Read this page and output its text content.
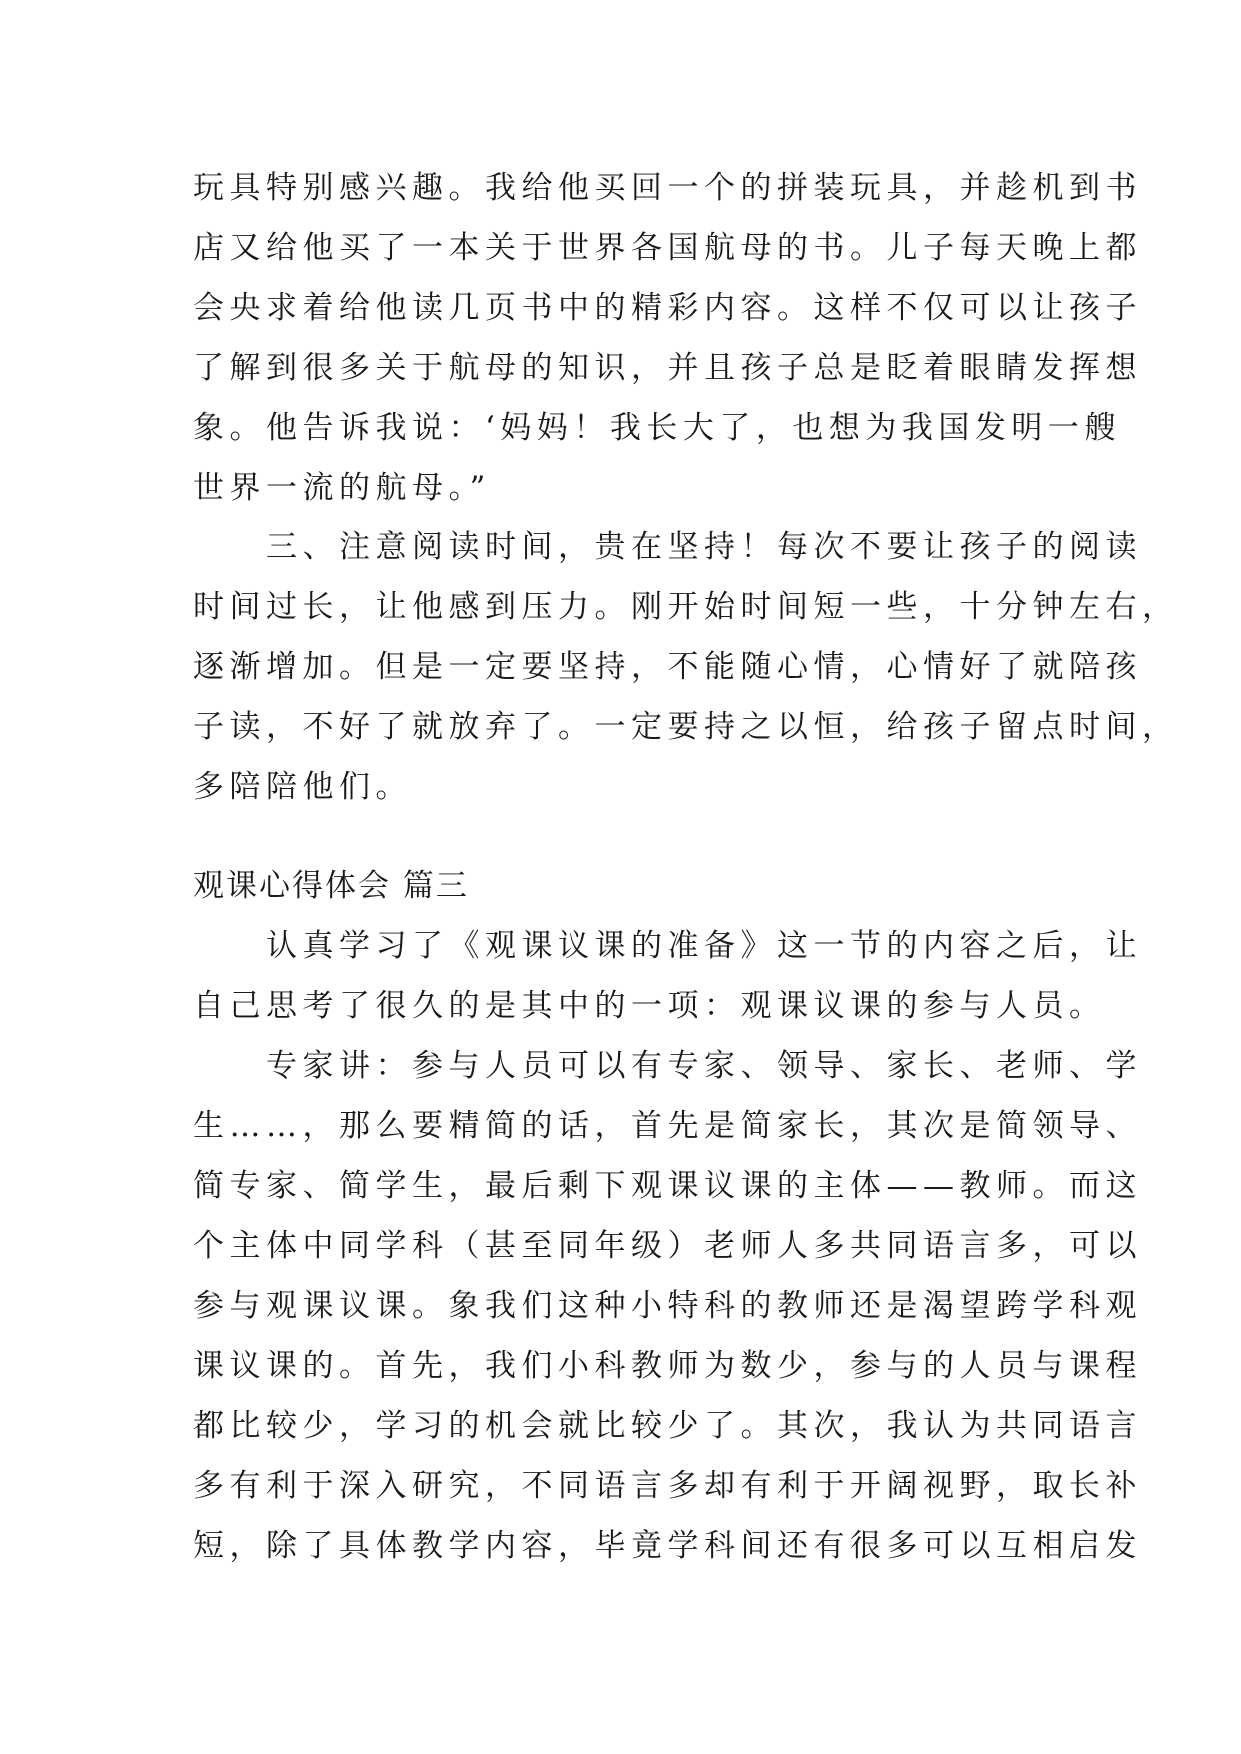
玩具特别感兴趣。我给他买回一个的拼装玩具，并趁机到书
店又给他买了一本关于世界各国航母的书。儿子每天晚上都
会央求着给他读几页书中的精彩内容。这样不仅可以让孩子
了解到很多关于航母的知识，并且孩子总是眨着眼睛发挥想
象。他告诉我说：‘妈妈！我长大了，也想为我国发明一艘
世界一流的航母。”
　　三、注意阅读时间，贵在坚持！每次不要让孩子的阅读
时间过长，让他感到压力。刚开始时间短一些，十分钟左右，
逐渐增加。但是一定要坚持，不能随心情，心情好了就陪孩
子读，不好了就放弃了。一定要持之以恒，给孩子留点时间，
多陪陪他们。
观课心得体会 篇三
　　认真学习了《观课议课的准备》这一节的内容之后，让
自己思考了很久的是其中的一项：观课议课的参与人员。
　　专家讲：参与人员可以有专家、领导、家长、老师、学
生……，那么要精简的话，首先是简家长，其次是简领导、
简专家、简学生，最后剩下观课议课的主体——教师。而这
个主体中同学科（甚至同年级）老师人多共同语言多，可以
参与观课议课。象我们这种小特科的教师还是渴望跨学科观
课议课的。首先，我们小科教师为数少，参与的人员与课程
都比较少，学习的机会就比较少了。其次，我认为共同语言
多有利于深入研究，不同语言多却有利于开阔视野，取长补
短，除了具体教学内容，毕竟学科间还有很多可以互相启发
